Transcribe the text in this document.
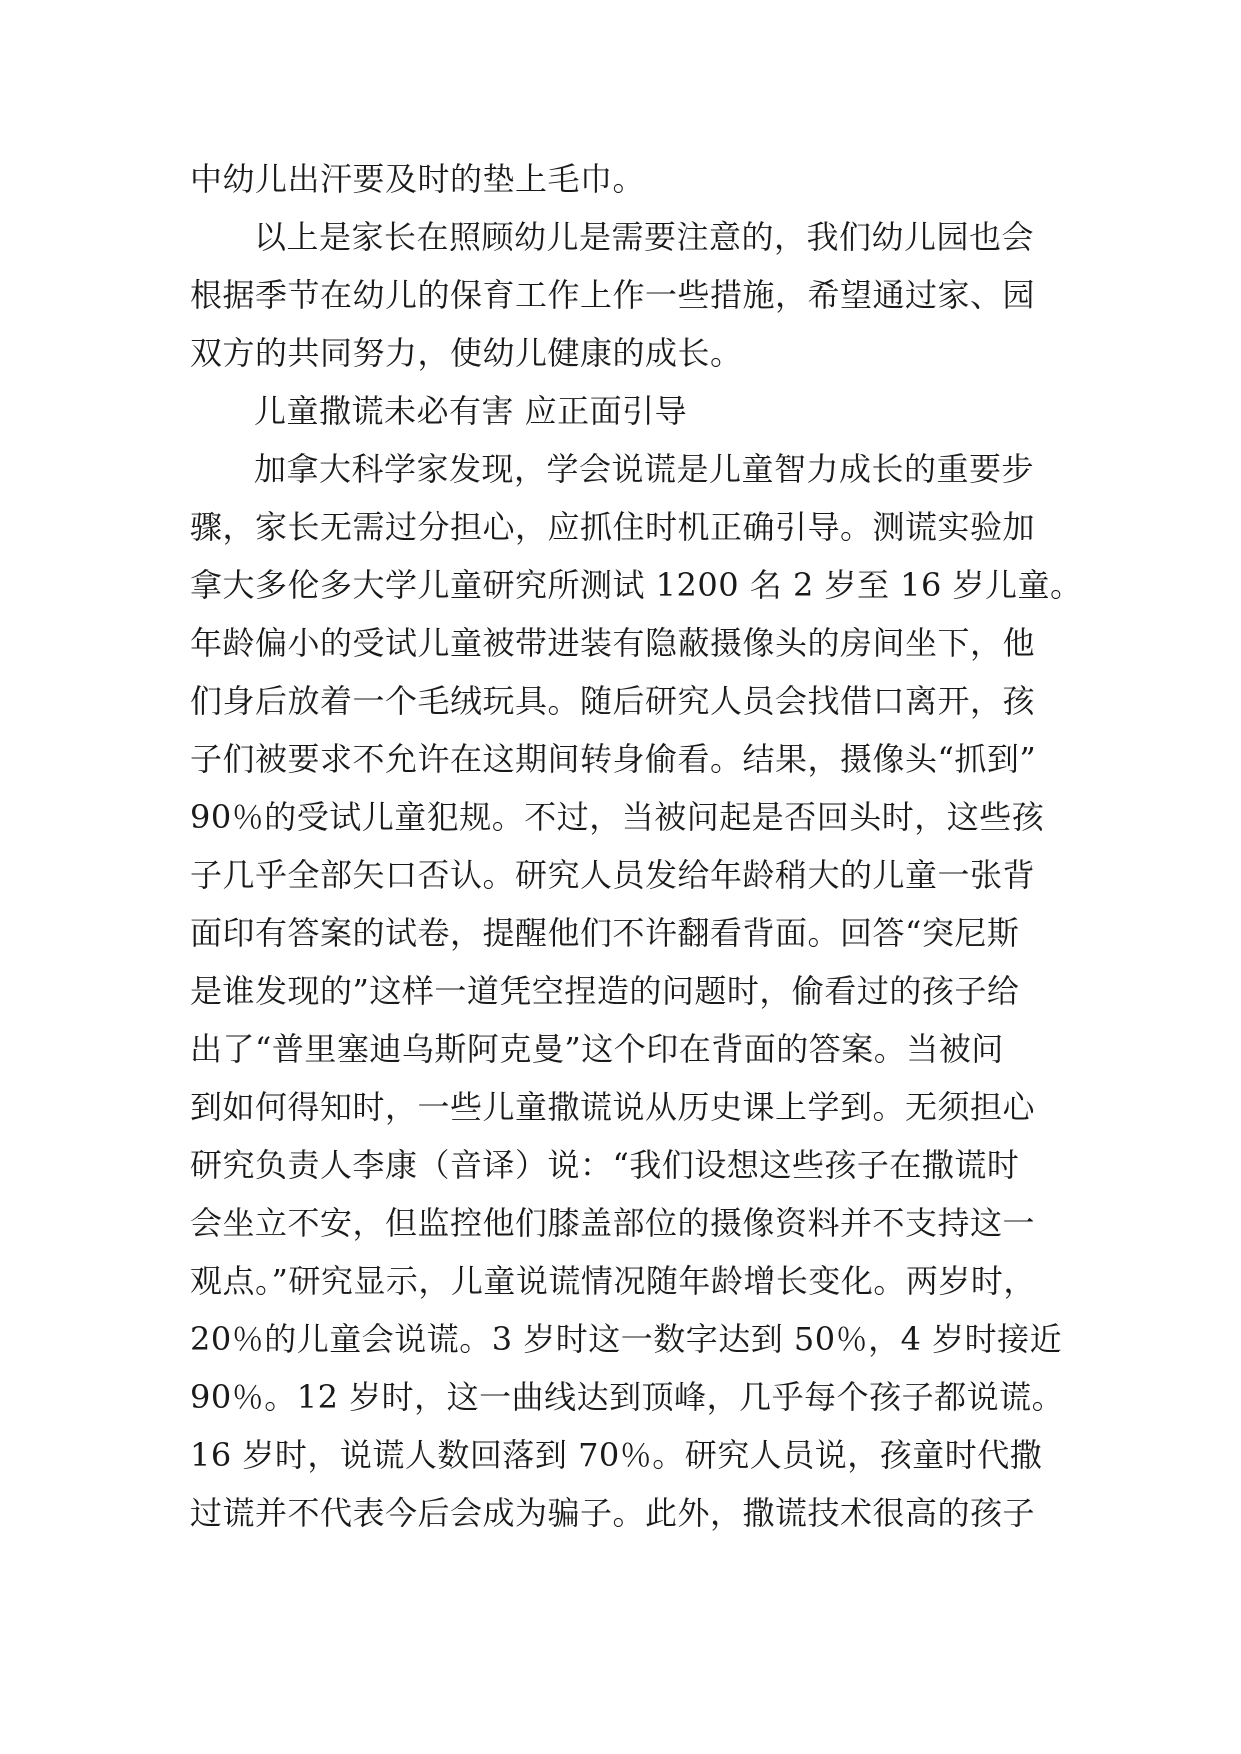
中幼儿出汗要及时的垫上毛巾。
以上是家长在照顾幼儿是需要注意的，我们幼儿园也会
根据季节在幼儿的保育工作上作一些措施，希望通过家、园
双方的共同努力，使幼儿健康的成长。
儿童撒谎未必有害 应正面引导
加拿大科学家发现，学会说谎是儿童智力成长的重要步
骤，家长无需过分担心，应抓住时机正确引导。测谎实验加
拿大多伦多大学儿童研究所测试 1200 名 2 岁至 16 岁儿童。
年龄偏小的受试儿童被带进装有隐蔽摄像头的房间坐下，他
们身后放着一个毛绒玩具。随后研究人员会找借口离开，孩
子们被要求不允许在这期间转身偷看。结果，摄像头“抓到”
90％的受试儿童犯规。不过，当被问起是否回头时，这些孩
子几乎全部矢口否认。研究人员发给年龄稍大的儿童一张背
面印有答案的试卷，提醒他们不许翻看背面。回答“突尼斯
是谁发现的”这样一道凭空捏造的问题时，偷看过的孩子给
出了“普里塞迪乌斯阿克曼”这个印在背面的答案。当被问
到如何得知时，一些儿童撒谎说从历史课上学到。无须担心
研究负责人李康（音译）说：“我们设想这些孩子在撒谎时
会坐立不安，但监控他们膝盖部位的摄像资料并不支持这一
观点。”研究显示，儿童说谎情况随年龄增长变化。两岁时，
20％的儿童会说谎。3 岁时这一数字达到 50％，4 岁时接近
90％。12 岁时，这一曲线达到顶峰，几乎每个孩子都说谎。
16 岁时，说谎人数回落到 70％。研究人员说，孩童时代撒
过谎并不代表今后会成为骗子。此外，撒谎技术很高的孩子
